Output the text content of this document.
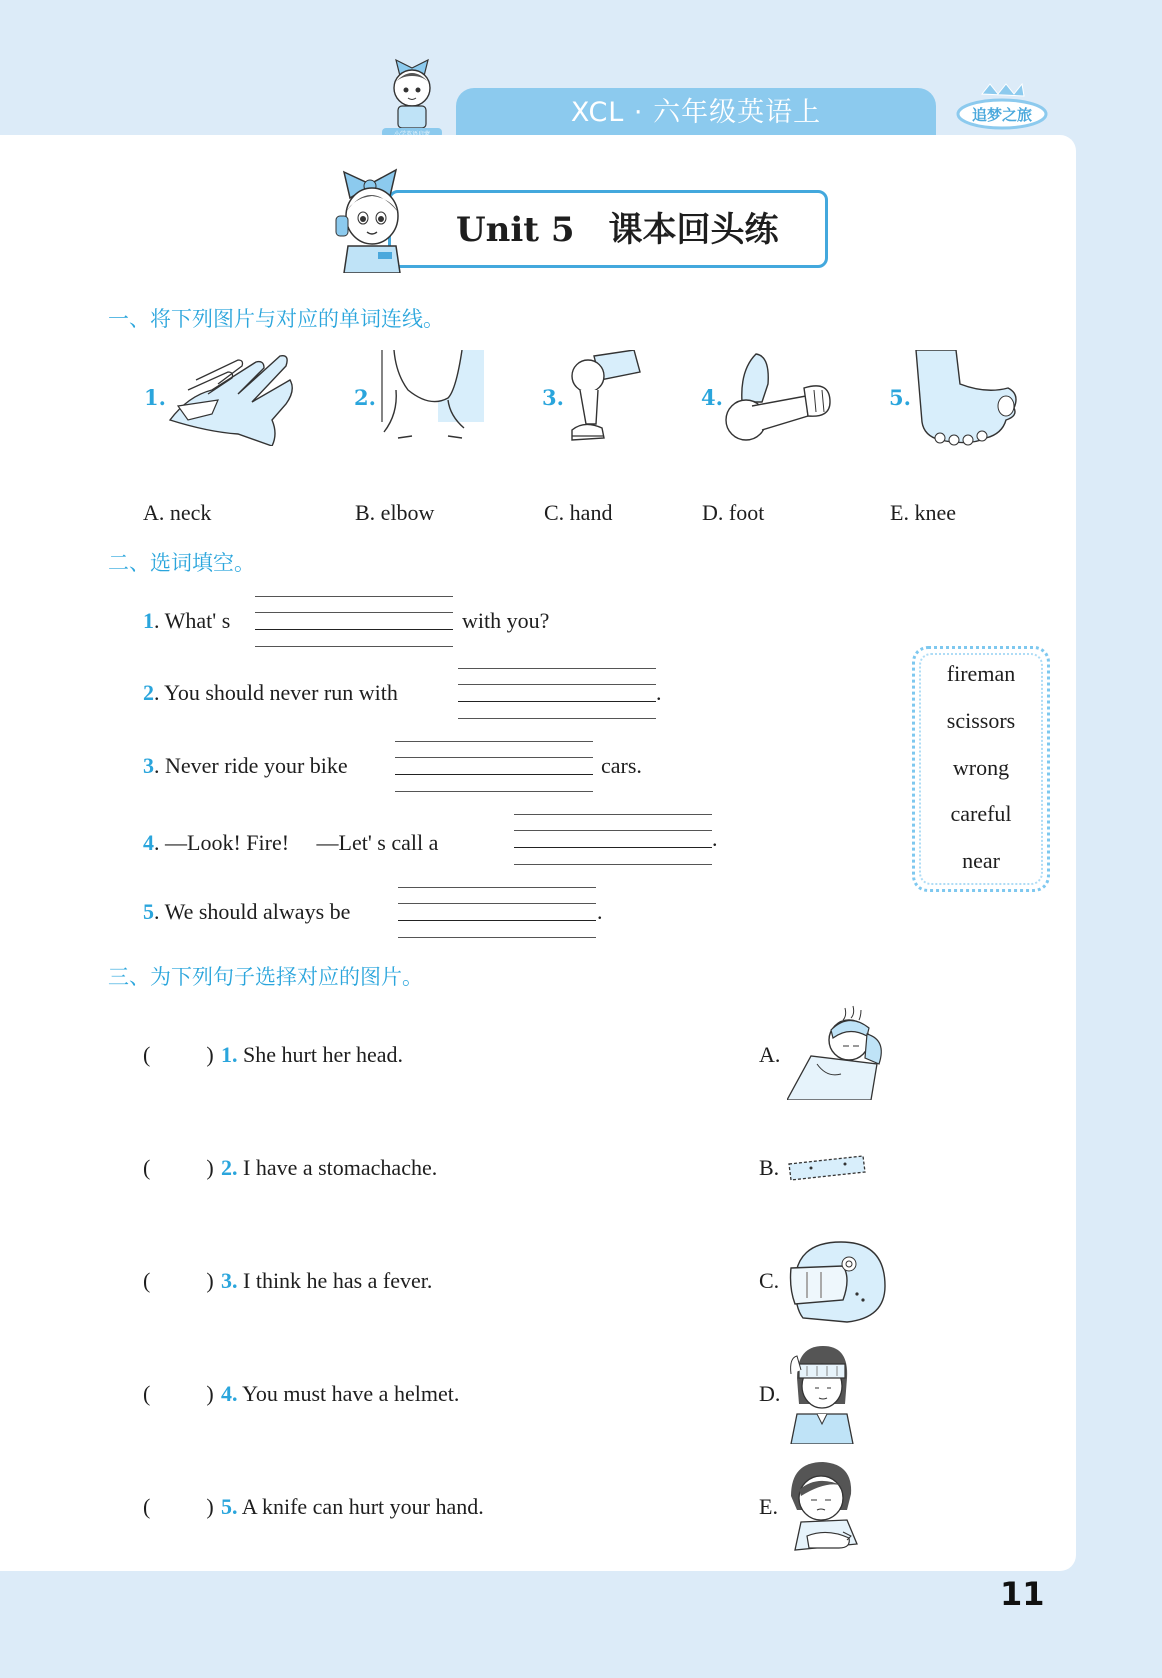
XCL · 六年级英语上	追梦之旅
Unit 5　课本回头练
一、将下列图片与对应的单词连线。
1.	2.	3.	4.	5.
A. neck	B. elbow	C. hand	D. foot	E. knee
二、选词填空。
1. What' s	with you?
2. You should never run with	.
3. Never ride your bike	cars.
4. —Look! Fire!　 —Let' s call a	.
5. We should always be	.
fireman
scissors
wrong
careful
near
三、为下列句子选择对应的图片。
(	) 1. She hurt her head.
(	) 2. I have a stomachache.
(	) 3. I think he has a fever.
(	) 4. You must have a helmet.
(	) 5. A knife can hurt your hand.
A.
B.
C.
D.
E.
11
